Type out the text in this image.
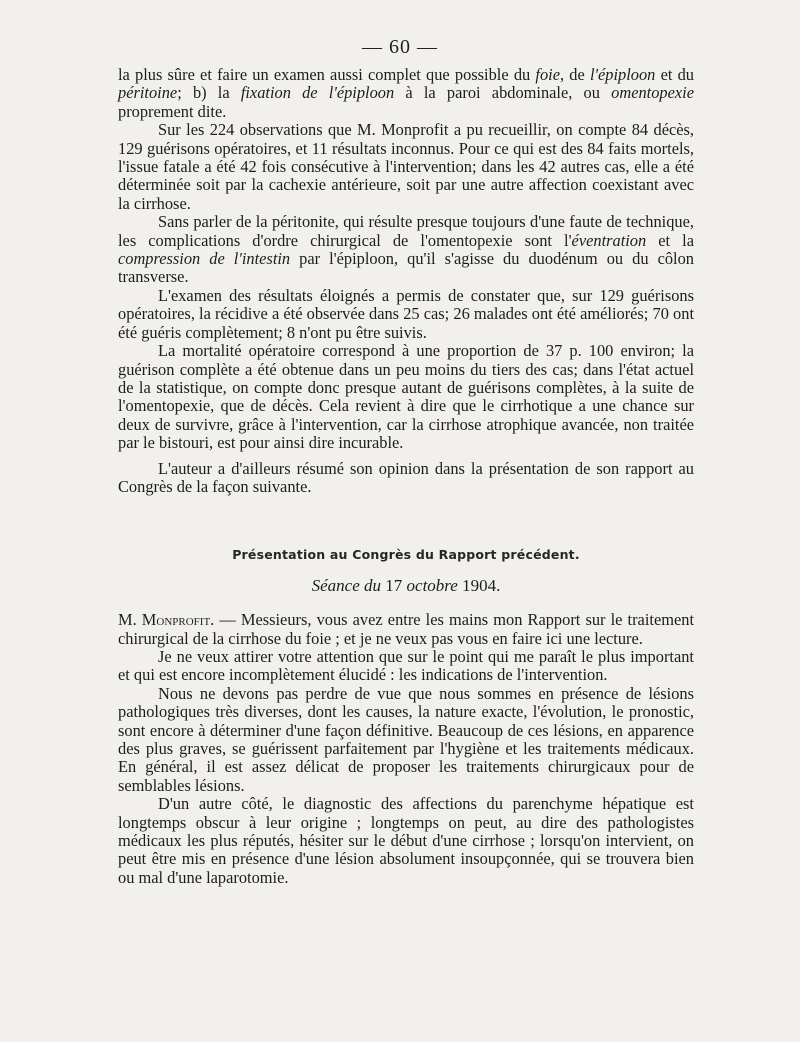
— 60 —

la plus sûre et faire un examen aussi complet que possible du foie, de l'épiploon et du péritoine; b) la fixation de l'épiploon à la paroi abdominale, ou omentopexie proprement dite.

Sur les 224 observations que M. Monprofit a pu recueillir, on compte 84 décès, 129 guérisons opératoires, et 11 résultats inconnus. Pour ce qui est des 84 faits mortels, l'issue fatale a été 42 fois consécutive à l'intervention; dans les 42 autres cas, elle a été déterminée soit par la cachexie antérieure, soit par une autre affection coexistant avec la cirrhose.

Sans parler de la péritonite, qui résulte presque toujours d'une faute de technique, les complications d'ordre chirurgical de l'omentopexie sont l'éventration et la compression de l'intestin par l'épiploon, qu'il s'agisse du duodénum ou du côlon transverse.

L'examen des résultats éloignés a permis de constater que, sur 129 guérisons opératoires, la récidive a été observée dans 25 cas; 26 malades ont été améliorés; 70 ont été guéris complètement; 8 n'ont pu être suivis.

La mortalité opératoire correspond à une proportion de 37 p. 100 environ; la guérison complète a été obtenue dans un peu moins du tiers des cas; dans l'état actuel de la statistique, on compte donc presque autant de guérisons complètes, à la suite de l'omentopexie, que de décès. Cela revient à dire que le cirrhotique a une chance sur deux de survivre, grâce à l'intervention, car la cirrhose atrophique avancée, non traitée par le bistouri, est pour ainsi dire incurable.

L'auteur a d'ailleurs résumé son opinion dans la présentation de son rapport au Congrès de la façon suivante.

Présentation au Congrès du Rapport précédent.

Séance du 17 octobre 1904.

M. Monprofit. — Messieurs, vous avez entre les mains mon Rapport sur le traitement chirurgical de la cirrhose du foie ; et je ne veux pas vous en faire ici une lecture.

Je ne veux attirer votre attention que sur le point qui me paraît le plus important et qui est encore incomplètement élucidé : les indications de l'intervention.

Nous ne devons pas perdre de vue que nous sommes en présence de lésions pathologiques très diverses, dont les causes, la nature exacte, l'évolution, le pronostic, sont encore à déterminer d'une façon définitive. Beaucoup de ces lésions, en apparence des plus graves, se guérissent parfaitement par l'hygiène et les traitements médicaux. En général, il est assez délicat de proposer les traitements chirurgicaux pour de semblables lésions.

D'un autre côté, le diagnostic des affections du parenchyme hépatique est longtemps obscur à leur origine ; longtemps on peut, au dire des pathologistes médicaux les plus réputés, hésiter sur le début d'une cirrhose ; lorsqu'on intervient, on peut être mis en présence d'une lésion absolument insoupçonnée, qui se trouvera bien ou mal d'une laparotomie.
